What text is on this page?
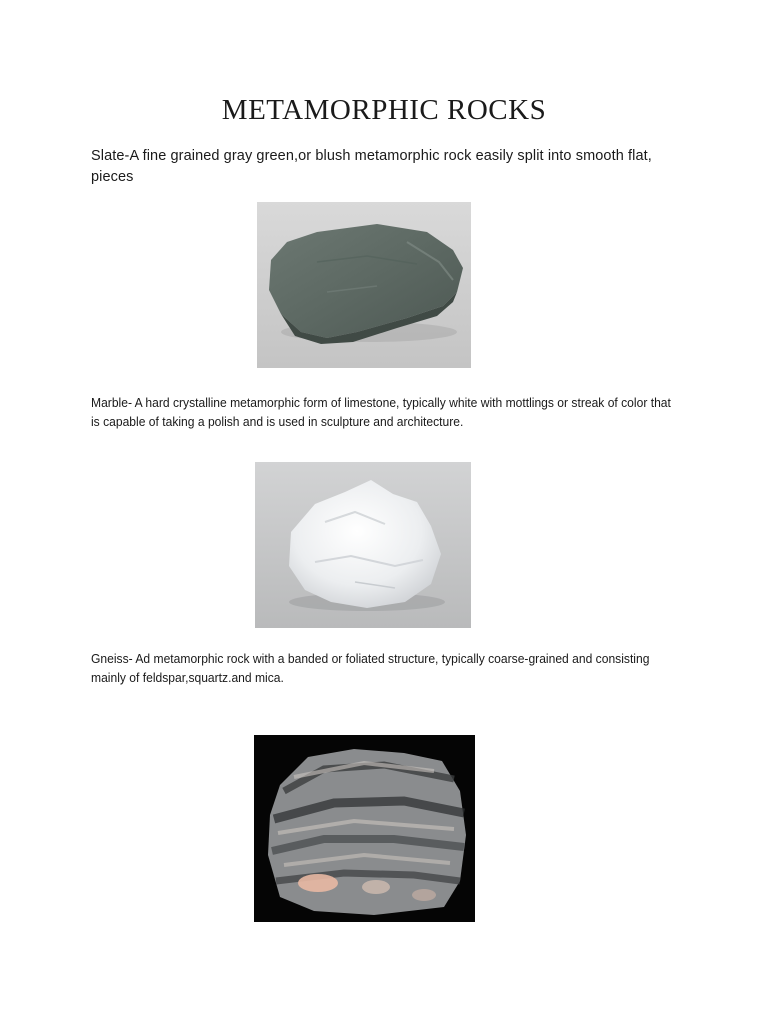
METAMORPHIC ROCKS

Slate-A fine grained gray green,or blush metamorphic rock easily split into smooth flat, pieces

Marble- A hard crystalline metamorphic form of limestone, typically white with mottlings or streak of color that is capable of taking a polish and is used in sculpture and architecture.

Gneiss- Ad metamorphic rock with a banded or foliated structure, typically coarse-grained and consisting mainly of feldspar,squartz.and mica.
